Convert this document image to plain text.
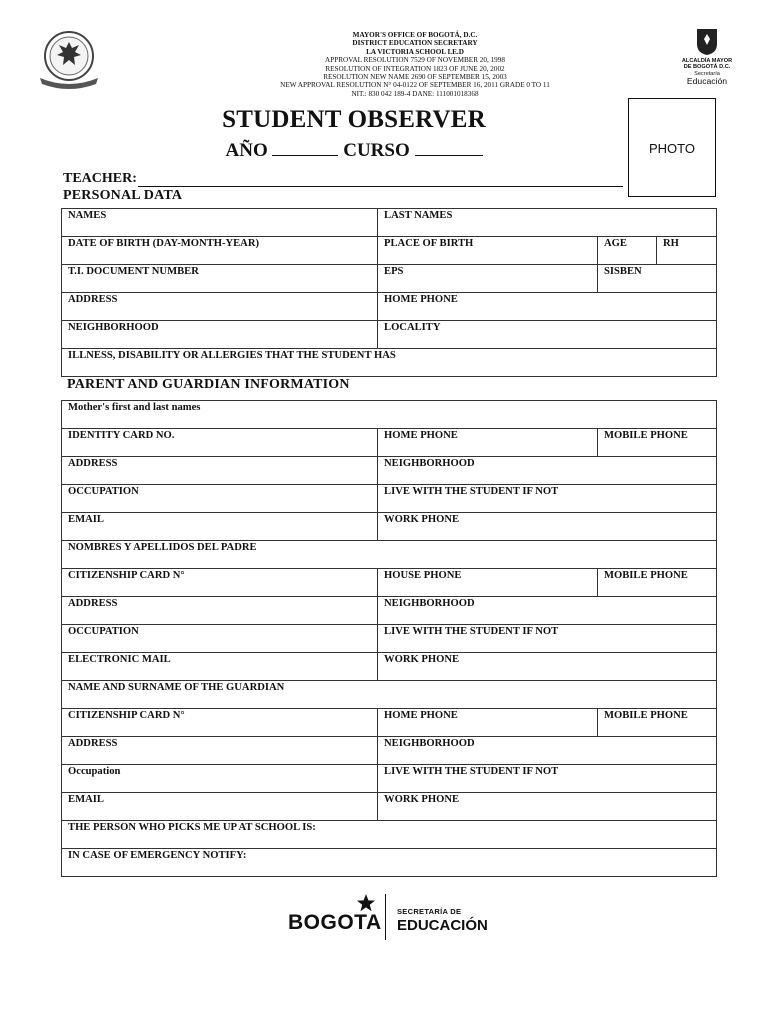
MAYOR'S OFFICE OF BOGOTÁ, D.C.
DISTRICT EDUCATION SECRETARY
LA VICTORIA SCHOOL I.E.D
APPROVAL RESOLUTION 7529 OF NOVEMBER 20, 1998
RESOLUTION OF INTEGRATION 1823 OF JUNE 20, 2002
RESOLUTION NEW NAME 2690 OF SEPTEMBER 15, 2003
NEW APPROVAL RESOLUTION N° 04-0122 OF SEPTEMBER 16, 2011 GRADE 0 TO 11
NIT.: 830 042 189-4 DANE: 111001018368
ALCALDÍA MAYOR
DE BOGOTÁ D.C.
Secretaría
Educación
STUDENT OBSERVER
AÑO	CURSO	PHOTO
TEACHER:
PERSONAL DATA
NAMES	LAST NAMES		
DATE OF BIRTH (DAY-MONTH-YEAR)	PLACE OF BIRTH	AGE	RH
T.I. DOCUMENT NUMBER	EPS	SISBEN	
ADDRESS	HOME PHONE		
NEIGHBORHOOD	LOCALITY		
ILLNESS, DISABILITY OR ALLERGIES THAT THE STUDENT HAS			
PARENT AND GUARDIAN INFORMATION
Mother's first and last names		
IDENTITY CARD NO.	HOME PHONE	MOBILE PHONE
ADDRESS	NEIGHBORHOOD	
OCCUPATION	LIVE WITH THE STUDENT IF NOT	
EMAIL	WORK PHONE	
NOMBRES Y APELLIDOS DEL PADRE		
CITIZENSHIP CARD N°	HOUSE PHONE	MOBILE PHONE
ADDRESS	NEIGHBORHOOD	
OCCUPATION	LIVE WITH THE STUDENT IF NOT	
ELECTRONIC MAIL	WORK PHONE	
NAME AND SURNAME OF THE GUARDIAN		
CITIZENSHIP CARD N°	HOME PHONE	MOBILE PHONE
ADDRESS	NEIGHBORHOOD	
Occupation	LIVE WITH THE STUDENT IF NOT	
EMAIL	WORK PHONE	
THE PERSON WHO PICKS ME UP AT SCHOOL IS:		
IN CASE OF EMERGENCY NOTIFY:		
BOGOTA SECRETARÍA DE
EDUCACIÓN
